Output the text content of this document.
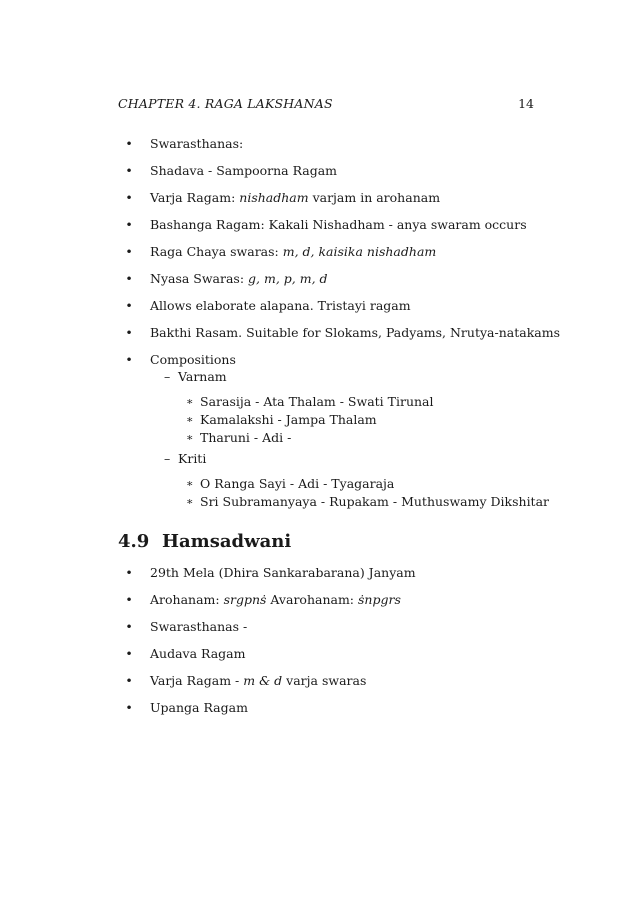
CHAPTER 4. RAGA LAKSHANAS	14
• Swarasthanas:
• Shadava - Sampoorna Ragam
• Varja Ragam: nishadham varjam in arohanam
• Bashanga Ragam: Kakali Nishadham - anya swaram occurs
• Raga Chaya swaras: m, d, kaisika nishadham
• Nyasa Swaras: g, m, p, m, d
• Allows elaborate alapana. Tristayi ragam
• Bakthi Rasam. Suitable for Slokams, Padyams, Nrutya-natakams
• Compositions
– Varnam
∗ Sarasija - Ata Thalam - Swati Tirunal
∗ Kamalakshi - Jampa Thalam
∗ Tharuni - Adi -
– Kriti
∗ O Ranga Sayi - Adi - Tyagaraja
∗ Sri Subramanyaya - Rupakam - Muthuswamy Dikshitar
4.9 Hamsadwani
• 29th Mela (Dhira Sankarabarana) Janyam
• Arohanam: srgpnṡ Avarohanam: ṡnpgrs
• Swarasthanas -
• Audava Ragam
• Varja Ragam - m & d varja swaras
• Upanga Ragam
